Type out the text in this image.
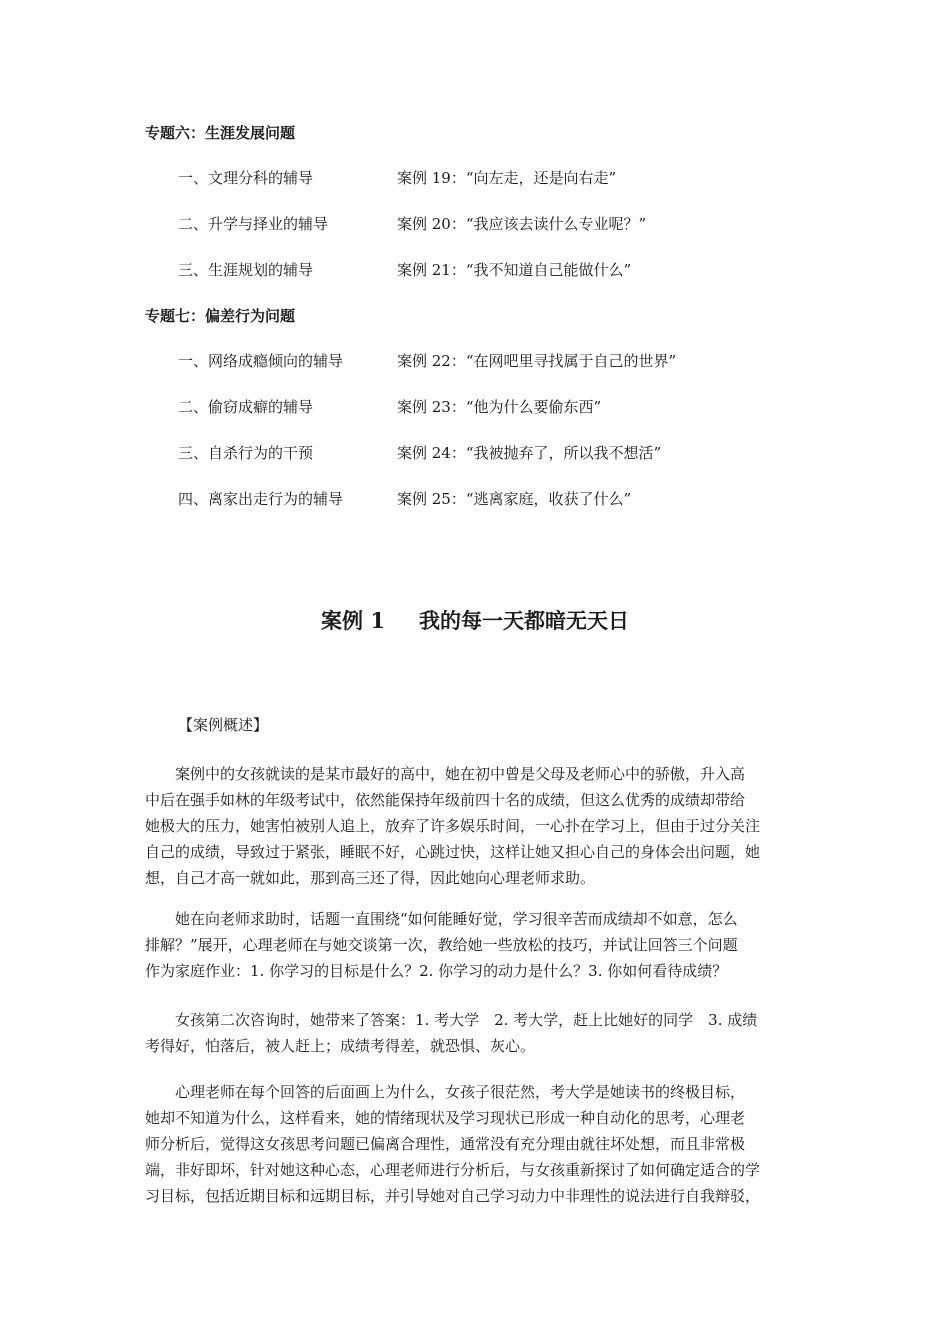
专题六：生涯发展问题
一、文理分科的辅导	案例 19：“向左走，还是向右走”
二、升学与择业的辅导	案例 20：“我应该去读什么专业呢？”
三、生涯规划的辅导	案例 21：“我不知道自己能做什么”
专题七：偏差行为问题
一、网络成瘾倾向的辅导	案例 22：“在网吧里寻找属于自己的世界”
二、偷窃成癖的辅导	案例 23：“他为什么要偷东西”
三、自杀行为的干预	案例 24：“我被抛弃了，所以我不想活”
四、离家出走行为的辅导	案例 25：“逃离家庭，收获了什么”
案例 1 我的每一天都暗无天日
【案例概述】

案例中的女孩就读的是某市最好的高中，她在初中曾是父母及老师心中的骄傲，升入高
中后在强手如林的年级考试中，依然能保持年级前四十名的成绩，但这么优秀的成绩却带给
她极大的压力，她害怕被别人追上，放弃了许多娱乐时间，一心扑在学习上，但由于过分关注
自己的成绩，导致过于紧张，睡眠不好，心跳过快，这样让她又担心自己的身体会出问题，她
想，自己才高一就如此，那到高三还了得，因此她向心理老师求助。

她在向老师求助时，话题一直围绕“如何能睡好觉，学习很辛苦而成绩却不如意，怎么
排解？”展开，心理老师在与她交谈第一次，教给她一些放松的技巧，并试让回答三个问题
作为家庭作业：1. 你学习的目标是什么？2. 你学习的动力是什么？3. 你如何看待成绩？

女孩第二次咨询时，她带来了答案：1. 考大学　2. 考大学，赶上比她好的同学　3. 成绩
考得好，怕落后，被人赶上；成绩考得差，就恐惧、灰心。

心理老师在每个回答的后面画上为什么，女孩子很茫然，考大学是她读书的终极目标，
她却不知道为什么，这样看来，她的情绪现状及学习现状已形成一种自动化的思考，心理老
师分析后，觉得这女孩思考问题已偏离合理性，通常没有充分理由就往坏处想，而且非常极
端，非好即坏，针对她这种心态，心理老师进行分析后，与女孩重新探讨了如何确定适合的学
习目标，包括近期目标和远期目标，并引导她对自己学习动力中非理性的说法进行自我辩驳，
